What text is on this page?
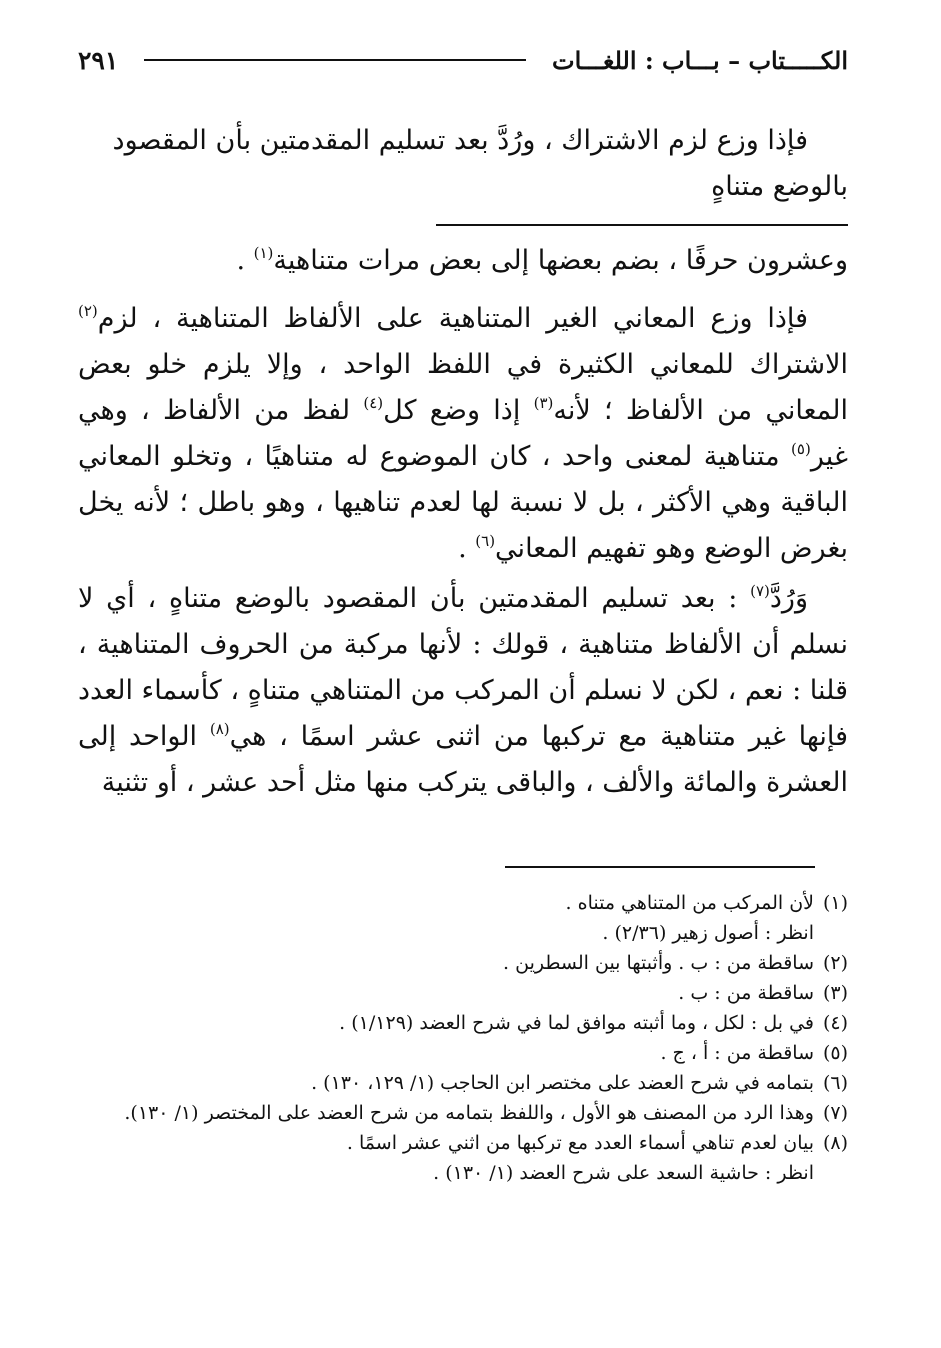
الكـــــتاب – بـــاب : اللغـــات
٢٩١

فإذا وزع لزم الاشتراك ، ورُدَّ بعد تسليم المقدمتين بأن المقصود

بالوضع متناهٍ

وعشرون حرفًا ، بضم بعضها إلى بعض مرات متناهية$^{(١)}$ .

فإذا وزع المعاني الغير المتناهية على الألفاظ المتناهية ، لزم$^{(٢)}$ الاشتراك للمعاني الكثيرة في اللفظ الواحد ، وإلا يلزم خلو بعض المعاني من الألفاظ ؛ لأنه$^{(٣)}$ إذا وضع كل$^{(٤)}$ لفظ من الألفاظ ، وهي غير$^{(٥)}$ متناهية لمعنى واحد ، كان الموضوع له متناهيًا ، وتخلو المعاني الباقية وهي الأكثر ، بل لا نسبة لها لعدم تناهيها ، وهو باطل ؛ لأنه يخل بغرض الوضع وهو تفهيم المعاني$^{(٦)}$ .

وَرُدَّ$^{(٧)}$ : بعد تسليم المقدمتين بأن المقصود بالوضع متناهٍ ، أي لا نسلم أن الألفاظ متناهية ، قولك : لأنها مركبة من الحروف المتناهية ، قلنا : نعم ، لكن لا نسلم أن المركب من المتناهي متناهٍ ، كأسماء العدد فإنها غير متناهية مع تركبها من اثنى عشر اسمًا ، هي$^{(٨)}$ الواحد إلى العشرة والمائة والألف ، والباقى يتركب منها مثل أحد عشر ، أو تثنية

(١)
لأن المركب من المتناهي متناه .
انظر : أصول زهير (٢/٣٦) .
(٢)
ساقطة من : ب . وأثبتها بين السطرين .
(٣)
ساقطة من : ب .
(٤)
في بل : لكل ، وما أثبته موافق لما في شرح العضد (١/١٢٩) .
(٥)
ساقطة من : أ ، ج .
(٦)
بتمامه في شرح العضد على مختصر ابن الحاجب (١/ ١٢٩، ١٣٠) .
(٧)
وهذا الرد من المصنف هو الأول ، واللفظ بتمامه من شرح العضد على المختصر (١/ ١٣٠).
(٨)
بيان لعدم تناهي أسماء العدد مع تركبها من اثني عشر اسمًا .
انظر : حاشية السعد على شرح العضد (١/ ١٣٠) .
